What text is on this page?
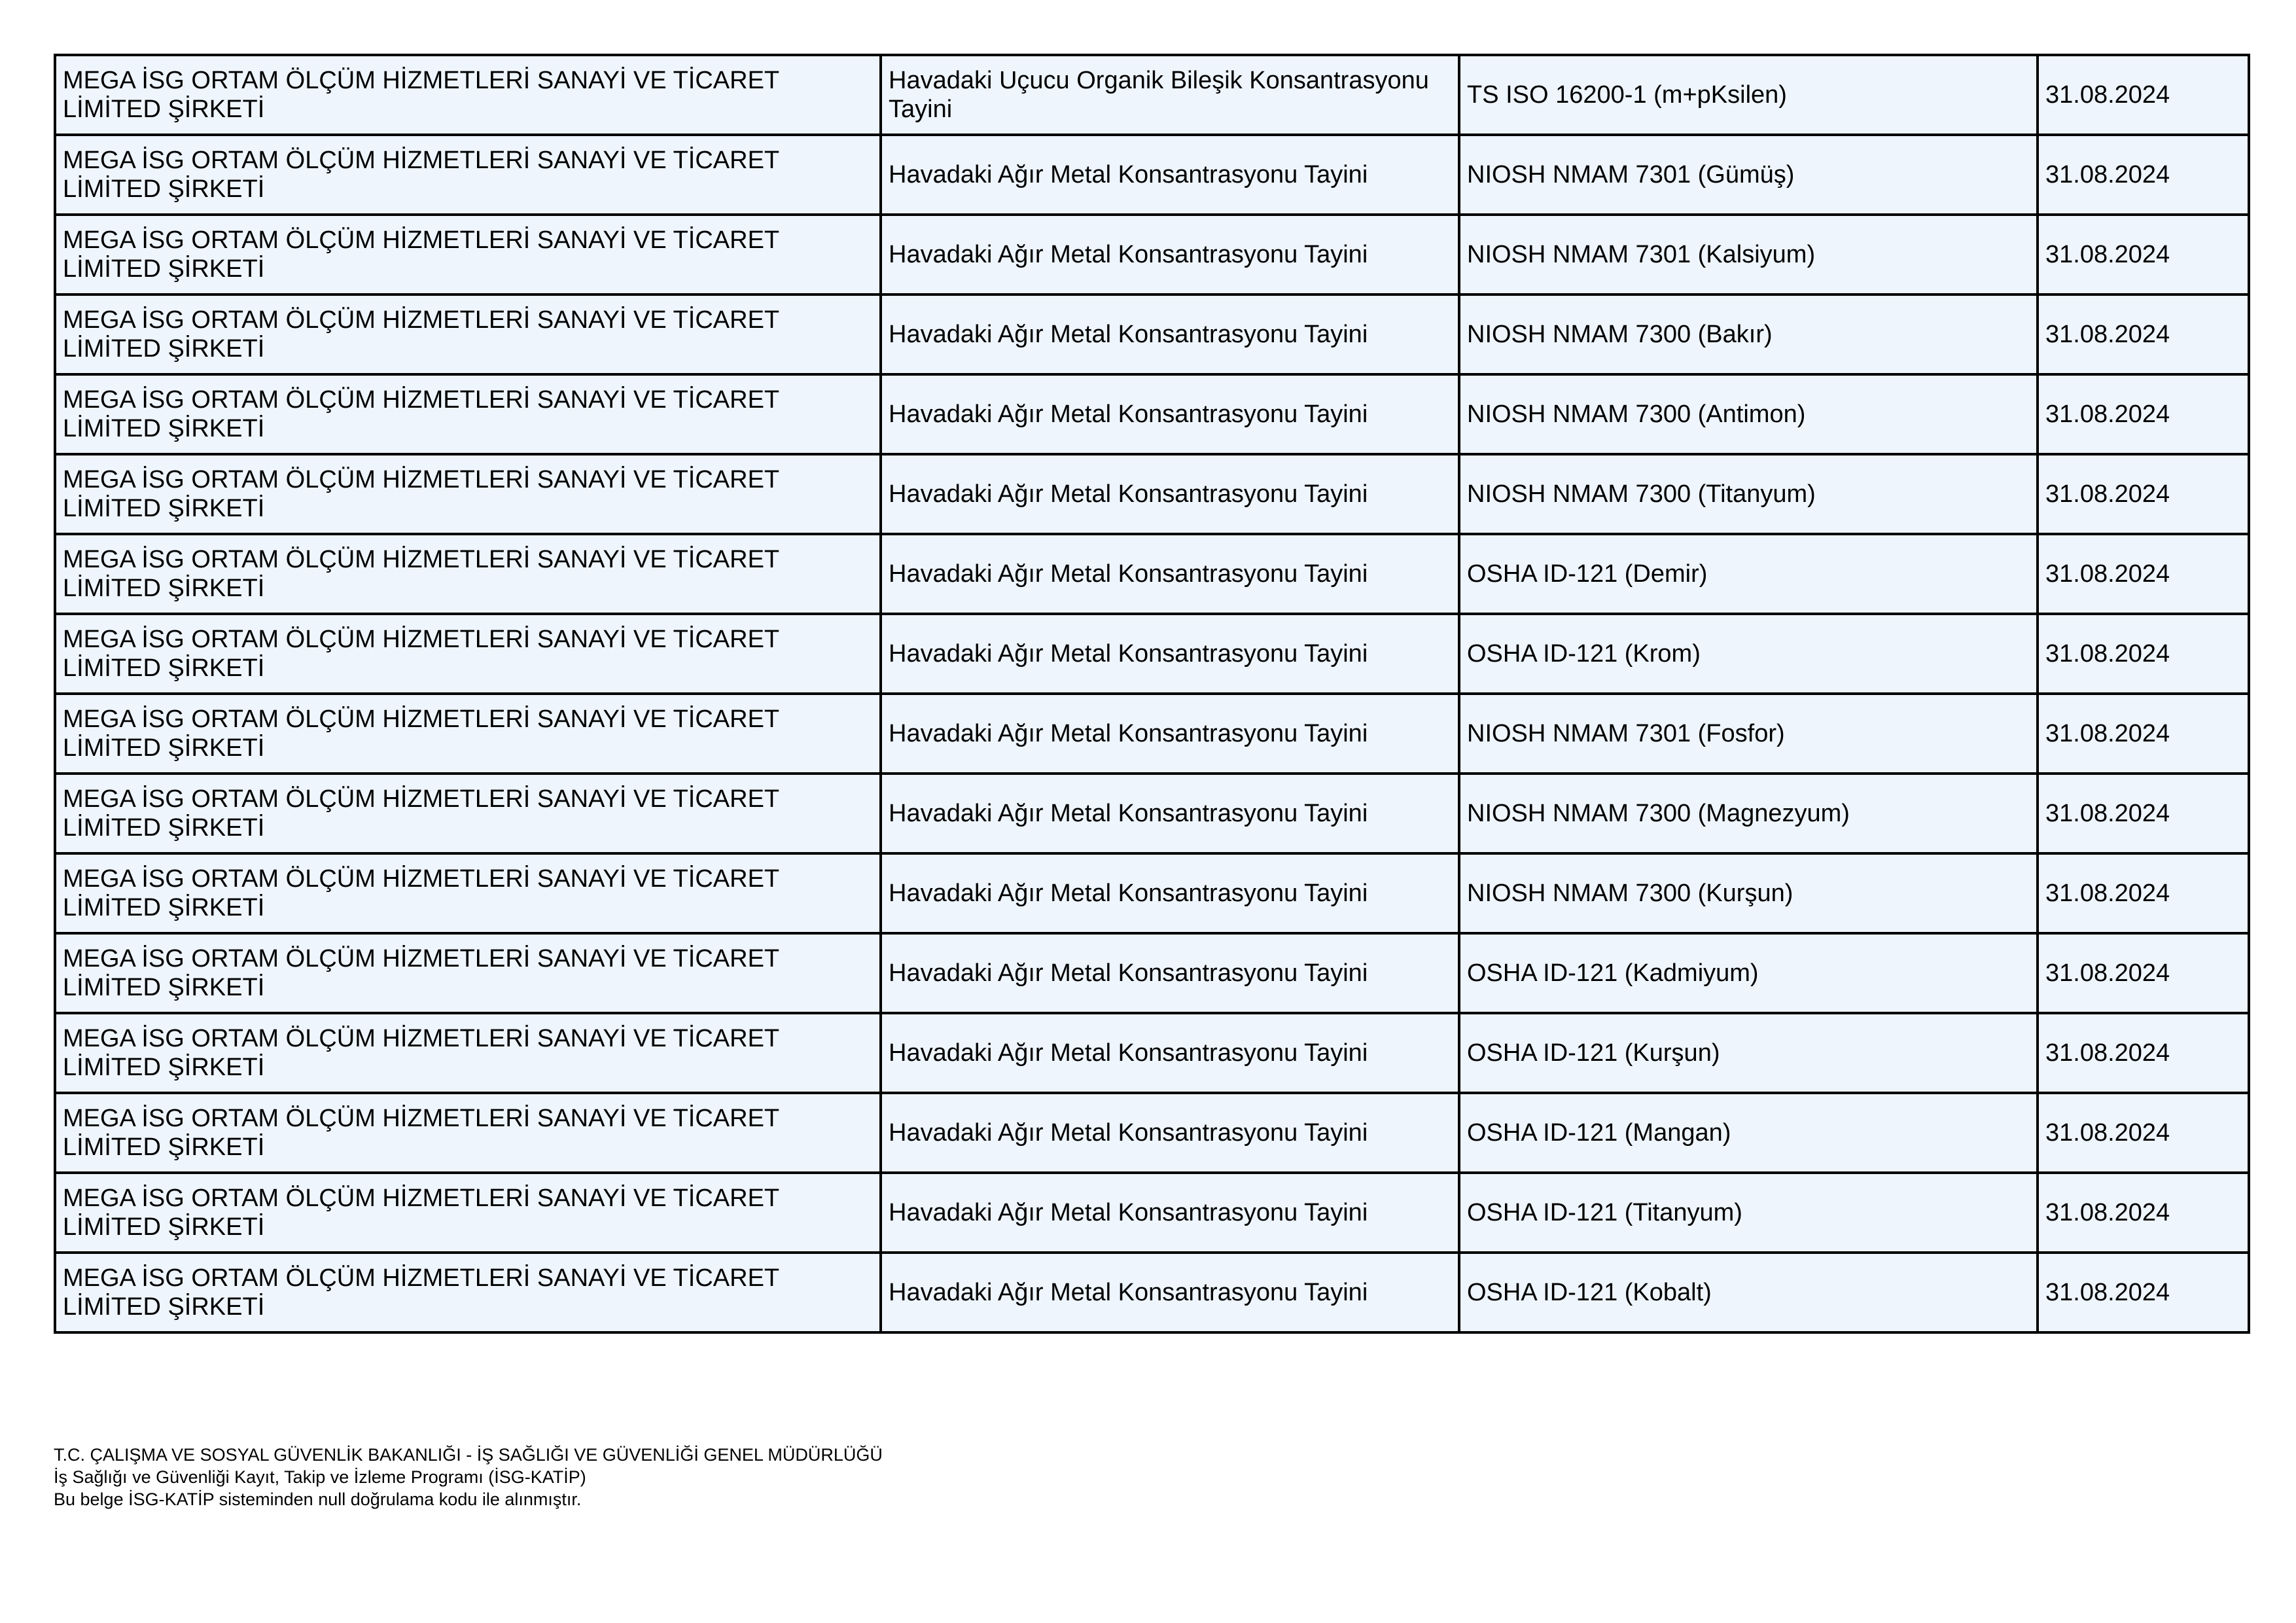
MEGA İSG ORTAM ÖLÇÜM HİZMETLERİ SANAYİ VE TİCARET LİMİTED ŞİRKETİ	Havadaki Uçucu Organik Bileşik Konsantrasyonu Tayini	TS ISO 16200-1 (m+pKsilen)	31.08.2024
MEGA İSG ORTAM ÖLÇÜM HİZMETLERİ SANAYİ VE TİCARET LİMİTED ŞİRKETİ	Havadaki Ağır Metal Konsantrasyonu Tayini	NIOSH NMAM 7301 (Gümüş)	31.08.2024
MEGA İSG ORTAM ÖLÇÜM HİZMETLERİ SANAYİ VE TİCARET LİMİTED ŞİRKETİ	Havadaki Ağır Metal Konsantrasyonu Tayini	NIOSH NMAM 7301 (Kalsiyum)	31.08.2024
MEGA İSG ORTAM ÖLÇÜM HİZMETLERİ SANAYİ VE TİCARET LİMİTED ŞİRKETİ	Havadaki Ağır Metal Konsantrasyonu Tayini	NIOSH NMAM 7300 (Bakır)	31.08.2024
MEGA İSG ORTAM ÖLÇÜM HİZMETLERİ SANAYİ VE TİCARET LİMİTED ŞİRKETİ	Havadaki Ağır Metal Konsantrasyonu Tayini	NIOSH NMAM 7300 (Antimon)	31.08.2024
MEGA İSG ORTAM ÖLÇÜM HİZMETLERİ SANAYİ VE TİCARET LİMİTED ŞİRKETİ	Havadaki Ağır Metal Konsantrasyonu Tayini	NIOSH NMAM 7300 (Titanyum)	31.08.2024
MEGA İSG ORTAM ÖLÇÜM HİZMETLERİ SANAYİ VE TİCARET LİMİTED ŞİRKETİ	Havadaki Ağır Metal Konsantrasyonu Tayini	OSHA ID-121 (Demir)	31.08.2024
MEGA İSG ORTAM ÖLÇÜM HİZMETLERİ SANAYİ VE TİCARET LİMİTED ŞİRKETİ	Havadaki Ağır Metal Konsantrasyonu Tayini	OSHA ID-121 (Krom)	31.08.2024
MEGA İSG ORTAM ÖLÇÜM HİZMETLERİ SANAYİ VE TİCARET LİMİTED ŞİRKETİ	Havadaki Ağır Metal Konsantrasyonu Tayini	NIOSH NMAM 7301 (Fosfor)	31.08.2024
MEGA İSG ORTAM ÖLÇÜM HİZMETLERİ SANAYİ VE TİCARET LİMİTED ŞİRKETİ	Havadaki Ağır Metal Konsantrasyonu Tayini	NIOSH NMAM 7300 (Magnezyum)	31.08.2024
MEGA İSG ORTAM ÖLÇÜM HİZMETLERİ SANAYİ VE TİCARET LİMİTED ŞİRKETİ	Havadaki Ağır Metal Konsantrasyonu Tayini	NIOSH NMAM 7300 (Kurşun)	31.08.2024
MEGA İSG ORTAM ÖLÇÜM HİZMETLERİ SANAYİ VE TİCARET LİMİTED ŞİRKETİ	Havadaki Ağır Metal Konsantrasyonu Tayini	OSHA ID-121 (Kadmiyum)	31.08.2024
MEGA İSG ORTAM ÖLÇÜM HİZMETLERİ SANAYİ VE TİCARET LİMİTED ŞİRKETİ	Havadaki Ağır Metal Konsantrasyonu Tayini	OSHA ID-121 (Kurşun)	31.08.2024
MEGA İSG ORTAM ÖLÇÜM HİZMETLERİ SANAYİ VE TİCARET LİMİTED ŞİRKETİ	Havadaki Ağır Metal Konsantrasyonu Tayini	OSHA ID-121 (Mangan)	31.08.2024
MEGA İSG ORTAM ÖLÇÜM HİZMETLERİ SANAYİ VE TİCARET LİMİTED ŞİRKETİ	Havadaki Ağır Metal Konsantrasyonu Tayini	OSHA ID-121 (Titanyum)	31.08.2024
MEGA İSG ORTAM ÖLÇÜM HİZMETLERİ SANAYİ VE TİCARET LİMİTED ŞİRKETİ	Havadaki Ağır Metal Konsantrasyonu Tayini	OSHA ID-121 (Kobalt)	31.08.2024
T.C. ÇALIŞMA VE SOSYAL GÜVENLİK BAKANLIĞI - İŞ SAĞLIĞI VE GÜVENLİĞİ GENEL MÜDÜRLÜĞÜ
İş Sağlığı ve Güvenliği Kayıt, Takip ve İzleme Programı (İSG-KATİP)
Bu belge İSG-KATİP sisteminden null doğrulama kodu ile alınmıştır.
